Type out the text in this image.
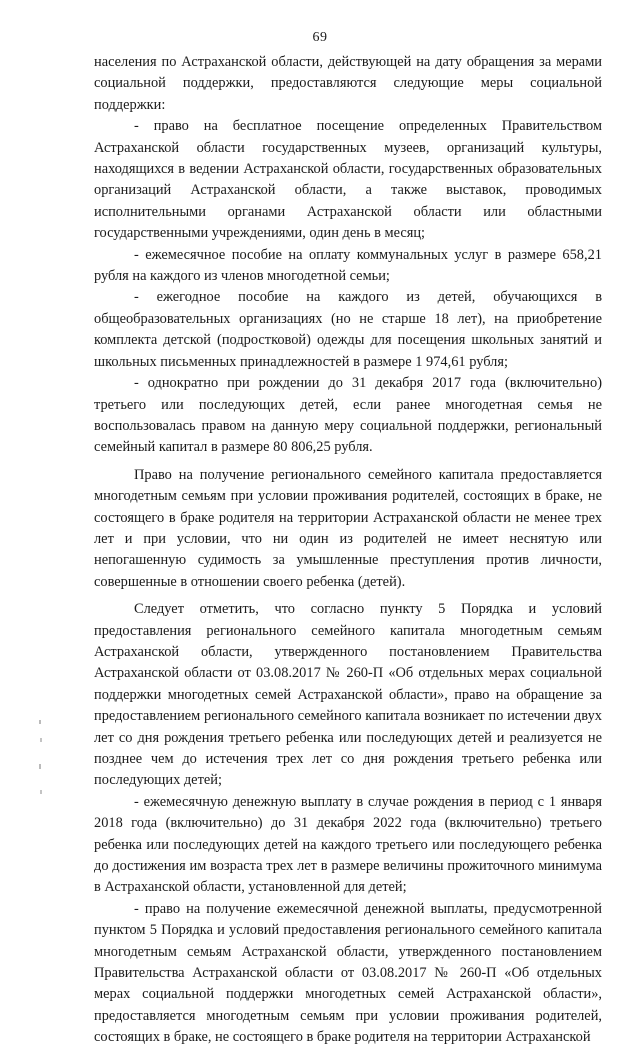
69

населения по Астраханской области, действующей на дату обращения за мерами социальной поддержки, предоставляются следующие меры социальной поддержки:

- право на бесплатное посещение определенных Правительством Астраханской области государственных музеев, организаций культуры, находящихся в ведении Астраханской области, государственных образовательных организаций Астраханской области, а также выставок, проводимых исполнительными органами Астраханской области или областными государственными учреждениями, один день в месяц;

- ежемесячное пособие на оплату коммунальных услуг в размере 658,21 рубля на каждого из членов многодетной семьи;

- ежегодное пособие на каждого из детей, обучающихся в общеобразовательных организациях (но не старше 18 лет), на приобретение комплекта детской (подростковой) одежды для посещения школьных занятий и школьных письменных принадлежностей в размере 1 974,61 рубля;

- однократно при рождении до 31 декабря 2017 года (включительно) третьего или последующих детей, если ранее многодетная семья не воспользовалась правом на данную меру социальной поддержки, региональный семейный капитал в размере 80 806,25 рубля.

Право на получение регионального семейного капитала предоставляется многодетным семьям при условии проживания родителей, состоящих в браке, не состоящего в браке родителя на территории Астраханской области не менее трех лет и при условии, что ни один из родителей не имеет неснятую или непогашенную судимость за умышленные преступления против личности, совершенные в отношении своего ребенка (детей).

Следует отметить, что согласно пункту 5 Порядка и условий предоставления регионального семейного капитала многодетным семьям Астраханской области, утвержденного постановлением Правительства Астраханской области от 03.08.2017 № 260-П «Об отдельных мерах социальной поддержки многодетных семей Астраханской области», право на обращение за предоставлением регионального семейного капитала возникает по истечении двух лет со дня рождения третьего ребенка или последующих детей и реализуется не позднее чем до истечения трех лет со дня рождения третьего ребенка или последующих детей;

- ежемесячную денежную выплату в случае рождения в период с 1 января 2018 года (включительно) до 31 декабря 2022 года (включительно) третьего ребенка или последующих детей на каждого третьего или последующего ребенка до достижения им возраста трех лет в размере величины прожиточного минимума в Астраханской области, установленной для детей;

- право на получение ежемесячной денежной выплаты, предусмотренной пунктом 5 Порядка и условий предоставления регионального семейного капитала многодетным семьям Астраханской области, утвержденного постановлением Правительства Астраханской области от 03.08.2017 № 260-П «Об отдельных мерах социальной поддержки многодетных семей Астраханской области», предоставляется многодетным семьям при условии проживания родителей, состоящих в браке, не состоящего в браке родителя на территории Астраханской
